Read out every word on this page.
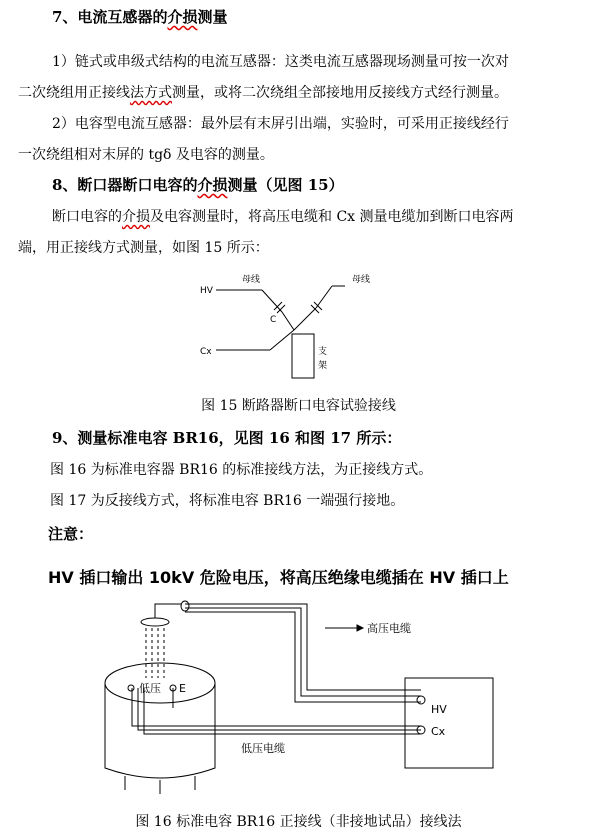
7、电流互感器的介损测量
1）链式或串级式结构的电流互感器：这类电流互感器现场测量可按一次对
二次绕组用正接线法方式测量，或将二次绕组全部接地用反接线方式经行测量。
2）电容型电流互感器：最外层有末屏引出端，实验时，可采用正接线经行
一次绕组相对末屏的 tgδ 及电容的测量。
8、断口器断口电容的介损测量（见图 15）
断口电容的介损及电容测量时，将高压电缆和 Cx 测量电缆加到断口电容两
端，用正接线方式测量，如图 15 所示：
HV
Cx
母线	母线
C
支
架
图 15 断路器断口电容试验接线
9、测量标准电容 BR16，见图 16 和图 17 所示：
图 16 为标准电容器 BR16 的标准接线方法，为正接线方式。
图 17 为反接线方式，将标准电容 BR16 一端强行接地。
注意：
HV 插口输出 10kV 危险电压，将高压绝缘电缆插在 HV 插口上
高压电缆
低压 E
低压电缆
HV
Cx
图 16 标准电容 BR16 正接线（非接地试品）接线法
